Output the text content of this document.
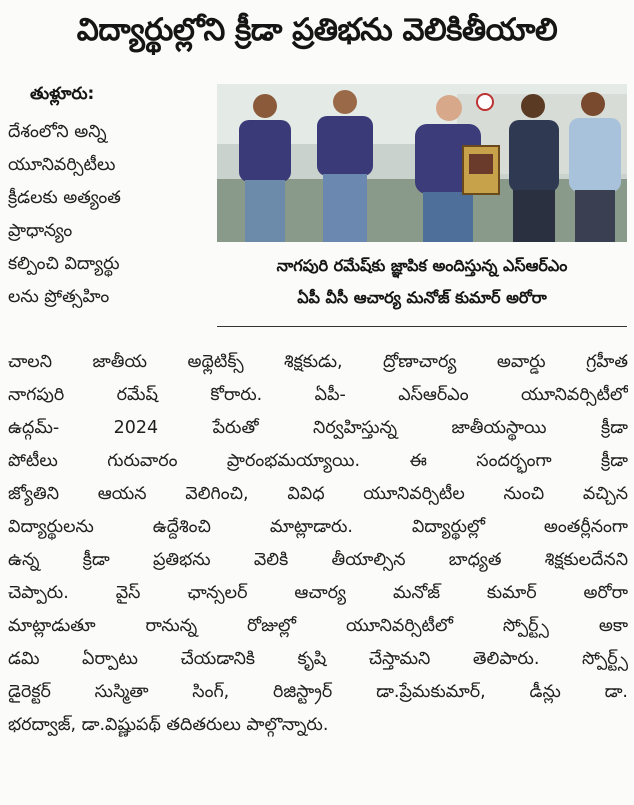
విద్యార్థుల్లోని క్రీడా ప్రతిభను వెలికితీయాలి
తుళ్లూరు:
దేశంలోని అన్ని
యూనివర్సిటీలు
క్రీడలకు అత్యంత
ప్రాధాన్యం
కల్పించి విద్యార్థు
లను ప్రోత్సహిం
నాగపురి రమేష్‌కు జ్ఞాపిక అందిస్తున్న ఎస్‌ఆర్‌ఎం
ఏపీ వీసీ ఆచార్య మనోజ్ కుమార్ అరోరా
చాలని జాతీయ అథ్లెటిక్స్ శిక్షకుడు, ద్రోణాచార్య అవార్డు గ్రహీత
నాగపురి రమేష్ కోరారు. ఏపీ- ఎస్‌ఆర్‌ఎం యూనివర్సిటీలో
ఉద్గమ్- 2024 పేరుతో నిర్వహిస్తున్న జాతీయస్థాయి క్రీడా
పోటీలు గురువారం ప్రారంభమయ్యాయి. ఈ సందర్భంగా క్రీడా
జ్యోతిని ఆయన వెలిగించి, వివిధ యూనివర్సిటీల నుంచి వచ్చిన
విద్యార్థులను ఉద్దేశించి మాట్లాడారు. విద్యార్థుల్లో అంతర్లీనంగా
ఉన్న క్రీడా ప్రతిభను వెలికి తీయాల్సిన బాధ్యత శిక్షకులదేనని
చెప్పారు. వైస్ ఛాన్సలర్ ఆచార్య మనోజ్ కుమార్ అరోరా
మాట్లాడుతూ రానున్న రోజుల్లో యూనివర్సిటీలో స్పోర్ట్స్ అకా
డమి ఏర్పాటు చేయడానికి కృషి చేస్తామని తెలిపారు. స్పోర్ట్స్
డైరెక్టర్ సుస్మితా సింగ్, రిజిస్ట్రార్ డా.ప్రేమకుమార్, డీన్లు డా.
భరద్వాజ్, డా.విష్ణుపథ్ తదితరులు పాల్గొన్నారు.
